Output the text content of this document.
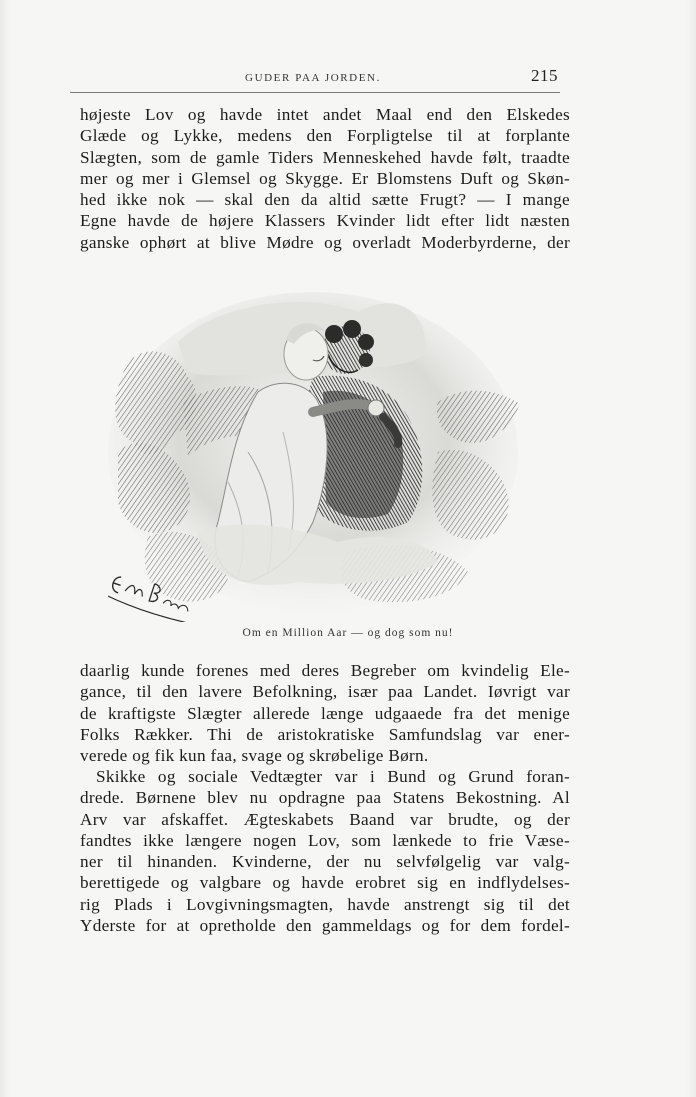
GUDER PAA JORDEN.	215

højeste Lov og havde intet andet Maal end den Elskedes
Glæde og Lykke, medens den Forpligtelse til at forplante
Slægten, som de gamle Tiders Menneskehed havde følt, traadte
mer og mer i Glemsel og Skygge. Er Blomstens Duft og Skøn-
hed ikke nok — skal den da altid sætte Frugt? — I mange
Egne havde de højere Klassers Kvinder lidt efter lidt næsten
ganske ophørt at blive Mødre og overladt Moderbyrderne, der

Om en Million Aar — og dog som nu!

daarlig kunde forenes med deres Begreber om kvindelig Ele-
gance, til den lavere Befolkning, især paa Landet. Iøvrigt var
de kraftigste Slægter allerede længe udgaaede fra det menige
Folks Rækker. Thi de aristokratiske Samfundslag var ener-
verede og fik kun faa, svage og skrøbelige Børn.

Skikke og sociale Vedtægter var i Bund og Grund foran-
drede. Børnene blev nu opdragne paa Statens Bekostning. Al
Arv var afskaffet. Ægteskabets Baand var brudte, og der
fandtes ikke længere nogen Lov, som lænkede to frie Væse-
ner til hinanden. Kvinderne, der nu selvfølgelig var valg-
berettigede og valgbare og havde erobret sig en indflydelses-
rig Plads i Lovgivningsmagten, havde anstrengt sig til det
Yderste for at opretholde den gammeldags og for dem fordel-
